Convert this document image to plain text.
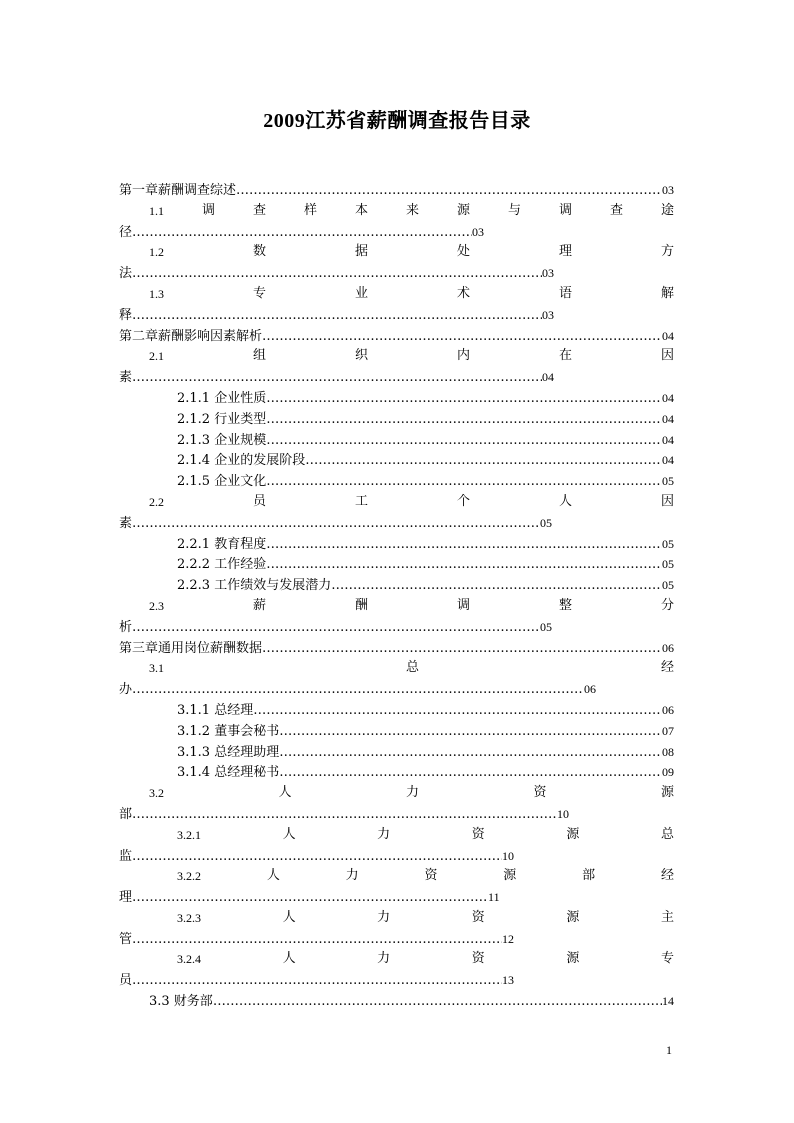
2009江苏省薪酬调查报告目录
第一章薪酬调查综述 ……………………………………………………………………………………………………………………………………………………………………………………………………………………………	03
1.1	调	查	样	本	来	源	与	调	查	途
径 ……………………………………………………………………………………………………………………………………………………………………………	03
1.2	数	据	处	理	方
法 ……………………………………………………………………………………………………………………………………………………………………………	03
1.3	专	业	术	语	解
释 ……………………………………………………………………………………………………………………………………………………………………………	03
第二章薪酬影响因素解析 ……………………………………………………………………………………………………………………………………………………………………………………………………………………………	04
2.1	组	织	内	在	因
素 ……………………………………………………………………………………………………………………………………………………………………………	04
2.1.1 企业性质 ……………………………………………………………………………………………………………………………………………………………………………………………………………………………	04
2.1.2 行业类型 ……………………………………………………………………………………………………………………………………………………………………………………………………………………………	04
2.1.3 企业规模 ……………………………………………………………………………………………………………………………………………………………………………………………………………………………	04
2.1.4 企业的发展阶段 ……………………………………………………………………………………………………………………………………………………………………………………………………………………………	04
2.1.5 企业文化 ……………………………………………………………………………………………………………………………………………………………………………………………………………………………	05
2.2	员	工	个	人	因
素 ……………………………………………………………………………………………………………………………………………………………………………	05
2.2.1 教育程度 ……………………………………………………………………………………………………………………………………………………………………………………………………………………………	05
2.2.2 工作经验 ……………………………………………………………………………………………………………………………………………………………………………………………………………………………	05
2.2.3 工作绩效与发展潜力 ……………………………………………………………………………………………………………………………………………………………………………………………………………………………	05
2.3	薪	酬	调	整	分
析 ……………………………………………………………………………………………………………………………………………………………………………	05
第三章通用岗位薪酬数据 ……………………………………………………………………………………………………………………………………………………………………………………………………………………………	06
3.1	总	经
办 ……………………………………………………………………………………………………………………………………………………………………………	06
3.1.1 总经理 ……………………………………………………………………………………………………………………………………………………………………………………………………………………………	06
3.1.2 董事会秘书 ……………………………………………………………………………………………………………………………………………………………………………………………………………………………	07
3.1.3 总经理助理 ……………………………………………………………………………………………………………………………………………………………………………………………………………………………	08
3.1.4 总经理秘书 ……………………………………………………………………………………………………………………………………………………………………………………………………………………………	09
3.2	人	力	资	源
部 ……………………………………………………………………………………………………………………………………………………………………………	10
3.2.1	人	力	资	源	总
监 ……………………………………………………………………………………………………………………………………………………………………………	10
3.2.2	人	力	资	源	部	经
理 ……………………………………………………………………………………………………………………………………………………………………………	11
3.2.3	人	力	资	源	主
管 ……………………………………………………………………………………………………………………………………………………………………………	12
3.2.4	人	力	资	源	专
员 ……………………………………………………………………………………………………………………………………………………………………………	13
3.3 财务部 ……………………………………………………………………………………………………………………………………………………………………………………………………………………………	14
1
